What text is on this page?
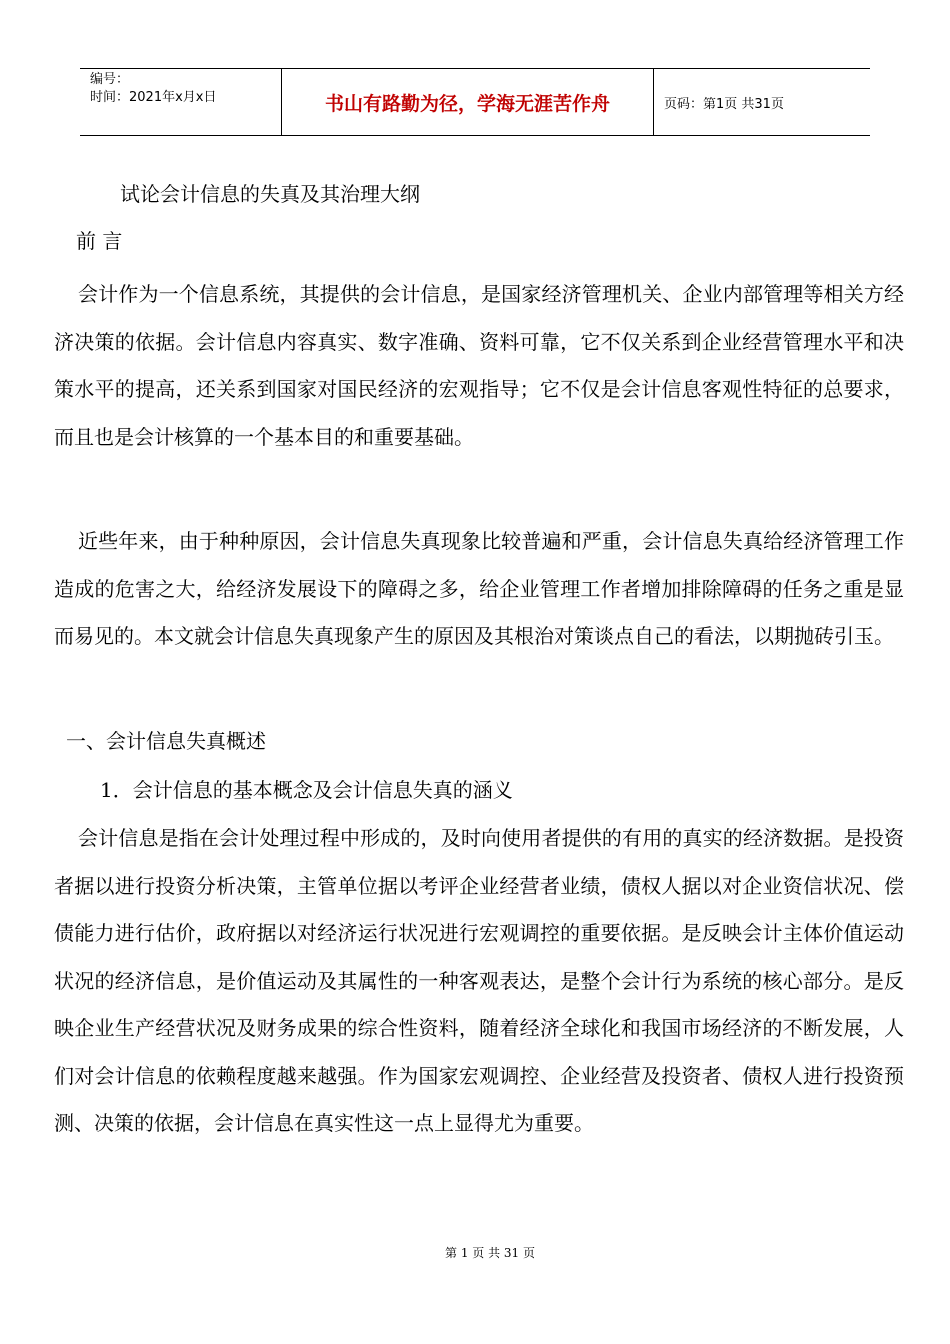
编号：
时间：2021年x月x日	书山有路勤为径，学海无涯苦作舟	页码：第1页 共31页
试论会计信息的失真及其治理大纲
前 言
会计作为一个信息系统，其提供的会计信息，是国家经济管理机关、企业内部管理等相关方经济决策的依据。会计信息内容真实、数字准确、资料可靠，它不仅关系到企业经营管理水平和决策水平的提高，还关系到国家对国民经济的宏观指导；它不仅是会计信息客观性特征的总要求，而且也是会计核算的一个基本目的和重要基础。
近些年来，由于种种原因，会计信息失真现象比较普遍和严重，会计信息失真给经济管理工作造成的危害之大，给经济发展设下的障碍之多，给企业管理工作者增加排除障碍的任务之重是显而易见的。本文就会计信息失真现象产生的原因及其根治对策谈点自己的看法，以期抛砖引玉。
一、会计信息失真概述
1．会计信息的基本概念及会计信息失真的涵义
会计信息是指在会计处理过程中形成的，及时向使用者提供的有用的真实的经济数据。是投资者据以进行投资分析决策，主管单位据以考评企业经营者业绩，债权人据以对企业资信状况、偿债能力进行估价，政府据以对经济运行状况进行宏观调控的重要依据。是反映会计主体价值运动状况的经济信息，是价值运动及其属性的一种客观表达，是整个会计行为系统的核心部分。是反映企业生产经营状况及财务成果的综合性资料，随着经济全球化和我国市场经济的不断发展，人们对会计信息的依赖程度越来越强。作为国家宏观调控、企业经营及投资者、债权人进行投资预测、决策的依据，会计信息在真实性这一点上显得尤为重要。
第 1 页 共 31 页
